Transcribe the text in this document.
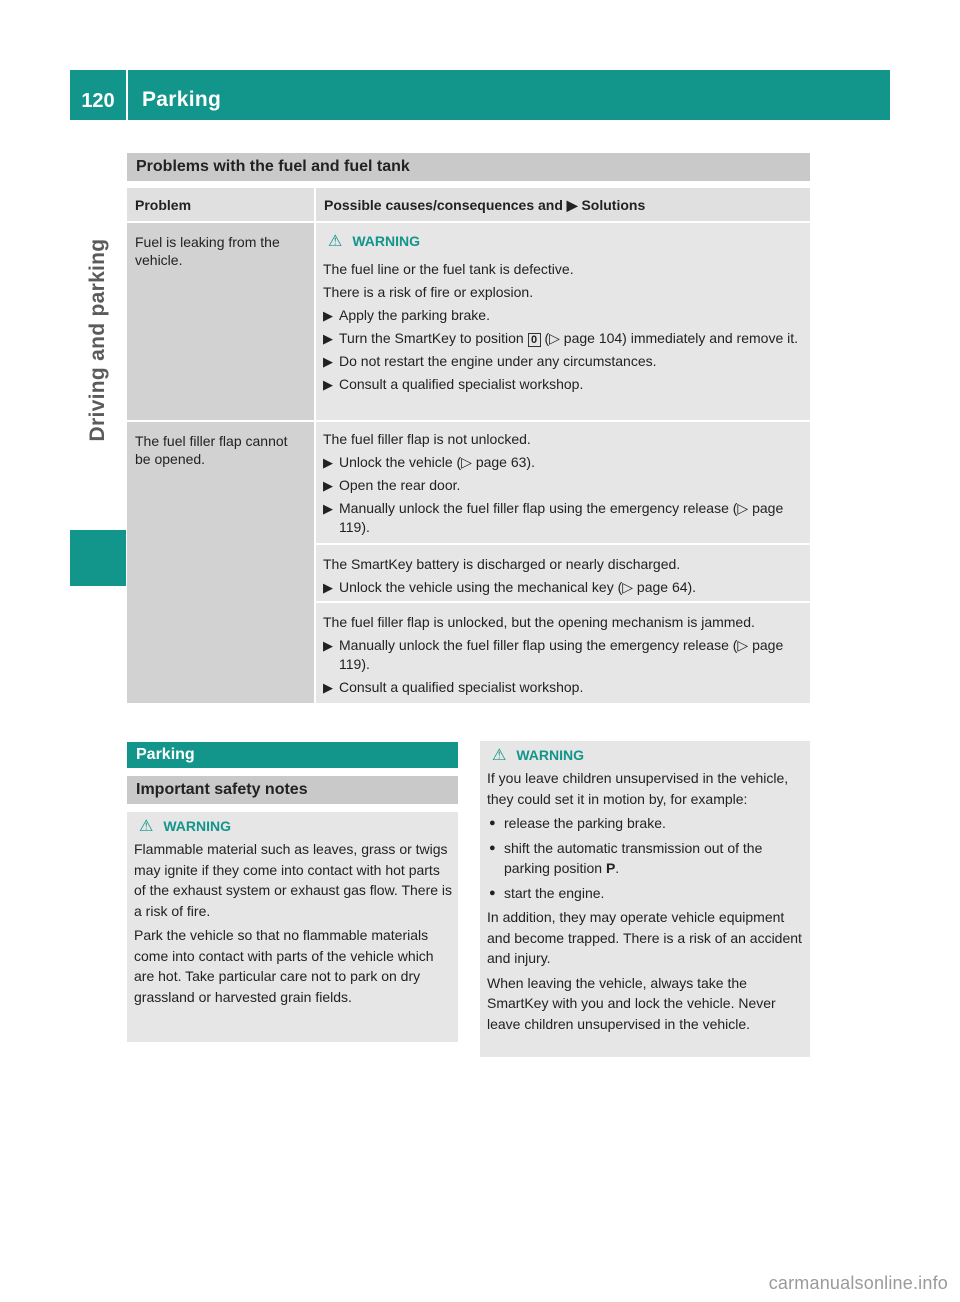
120	Parking
Driving and parking
Problems with the fuel and fuel tank
Problem	Possible causes/consequences and ▶ Solutions
Fuel is leaking from the vehicle.
⚠ WARNING
The fuel line or the fuel tank is defective.
There is a risk of fire or explosion.
▶ Apply the parking brake.
▶ Turn the SmartKey to position 0 (▷ page 104) immediately and remove it.
▶ Do not restart the engine under any circumstances.
▶ Consult a qualified specialist workshop.
The fuel filler flap cannot be opened.
The fuel filler flap is not unlocked.
▶ Unlock the vehicle (▷ page 63).
▶ Open the rear door.
▶ Manually unlock the fuel filler flap using the emergency release (▷ page 119).
The SmartKey battery is discharged or nearly discharged.
▶ Unlock the vehicle using the mechanical key (▷ page 64).
The fuel filler flap is unlocked, but the opening mechanism is jammed.
▶ Manually unlock the fuel filler flap using the emergency release (▷ page 119).
▶ Consult a qualified specialist workshop.
Parking
Important safety notes
⚠ WARNING
Flammable material such as leaves, grass or twigs may ignite if they come into contact with hot parts of the exhaust system or exhaust gas flow. There is a risk of fire.
Park the vehicle so that no flammable materials come into contact with parts of the vehicle which are hot. Take particular care not to park on dry grassland or harvested grain fields.
⚠ WARNING
If you leave children unsupervised in the vehicle, they could set it in motion by, for example:
● release the parking brake.
● shift the automatic transmission out of the parking position P.
● start the engine.
In addition, they may operate vehicle equipment and become trapped. There is a risk of an accident and injury.
When leaving the vehicle, always take the SmartKey with you and lock the vehicle. Never leave children unsupervised in the vehicle.
carmanualsonline.info
